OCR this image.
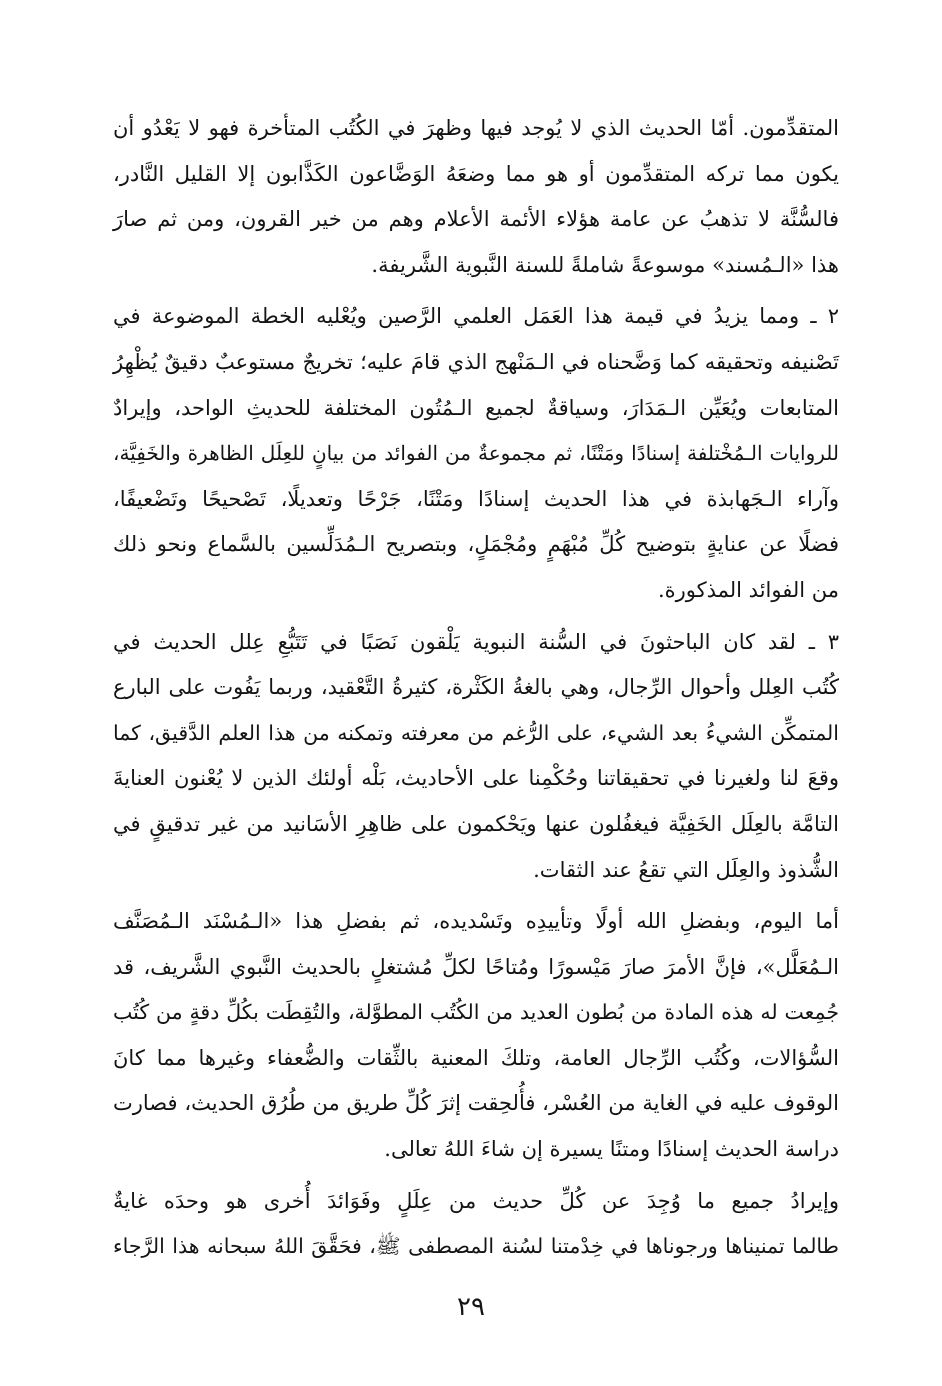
المتقدِّمون. أمّا الحديث الذي لا يُوجد فيها وظهرَ في الكُتُب المتأخرة فهو لا يَعْدُو أن
يكون مما تركه المتقدِّمون أو هو مما وضعَهُ الوَضَّاعون الكَذَّابون إلا القليل النَّادر،
فالسُّنَّة لا تذهبُ عن عامة هؤلاء الأئمة الأعلام وهم من خير القرون، ومن ثم صارَ
هذا «الـمُسند» موسوعةً شاملةً للسنة النَّبوية الشَّريفة.
٢ ـ ومما يزيدُ في قيمة هذا العَمَل العلمي الرَّصين ويُعْليه الخطة الموضوعة في
تَصْنيفه وتحقيقه كما وَضَّحناه في الـمَنْهج الذي قامَ عليه؛ تخريجٌ مستوعبٌ دقيقٌ يُظْهِرُ
المتابعات ويُعَيِّن الـمَدَارَ، وسياقةٌ لجميع الـمُتُون المختلفة للحديثِ الواحد، وإيرادٌ
للروايات الـمُخْتلفة إسنادًا ومَتْنًا، ثم مجموعةٌ من الفوائد من بيانٍ للعِلَل الظاهرة والخَفِيَّة،
وآراء الـجَهابذة في هذا الحديث إسنادًا ومَتْنًا، جَرْحًا وتعديلًا، تَصْحيحًا وتَضْعيفًا،
فضلًا عن عنايةٍ بتوضيح كُلِّ مُبْهَمٍ ومُجْمَلٍ، وبتصريح الـمُدَلِّسين بالسَّماع ونحو ذلك
من الفوائد المذكورة.
٣ ـ لقد كان الباحثونَ في السُّنة النبوية يَلْقون نَصَبًا في تَتَبُّعِ عِلل الحديث في
كُتُب العِلل وأحوال الرِّجال، وهي بالغةُ الكَثْرة، كثيرةُ التَّعْقيد، وربما يَفُوت على البارع
المتمكِّن الشيءُ بعد الشيء، على الرُّغم من معرفته وتمكنه من هذا العلم الدَّقيق، كما
وقعَ لنا ولغيرنا في تحقيقاتنا وحُكْمِنا على الأحاديث، بَلْه أولئك الذين لا يُعْنون العنايةَ
التامَّة بالعِلَل الخَفِيَّة فيغفُلون عنها ويَحْكمون على ظاهِرِ الأسَانيد من غير تدقيقٍ في
الشُّذوذ والعِلَل التي تقعُ عند الثقات.
أما اليوم، وبفضلِ الله أولًا وتأييدِه وتَسْديده، ثم بفضلِ هذا «الـمُسْنَد الـمُصَنَّف
الـمُعَلَّل»، فإنَّ الأمرَ صارَ مَيْسورًا ومُتاحًا لكلِّ مُشتغلٍ بالحديث النَّبوي الشَّريف، قد
جُمِعت له هذه المادة من بُطون العديد من الكُتُب المطوَّلة، والتُقِطَت بكُلِّ دقةٍ من كُتُب
السُّؤالات، وكُتُب الرِّجال العامة، وتلكَ المعنية بالثِّقات والضُّعفاء وغيرها مما كانَ
الوقوف عليه في الغاية من العُسْر، فأُلحِقت إثرَ كُلِّ طريق من طُرُق الحديث، فصارت
دراسة الحديث إسنادًا ومتنًا يسيرة إن شاءَ اللهُ تعالى.
وإيرادُ جميع ما وُجِدَ عن كُلِّ حديث من عِلَلٍ وفَوَائدَ أُخرى هو وحدَه غايةٌ
طالما تمنيناها ورجوناها في خِدْمتنا لسُنة المصطفى ﷺ، فحَقَّقَ اللهُ سبحانه هذا الرَّجاء
٢٩
